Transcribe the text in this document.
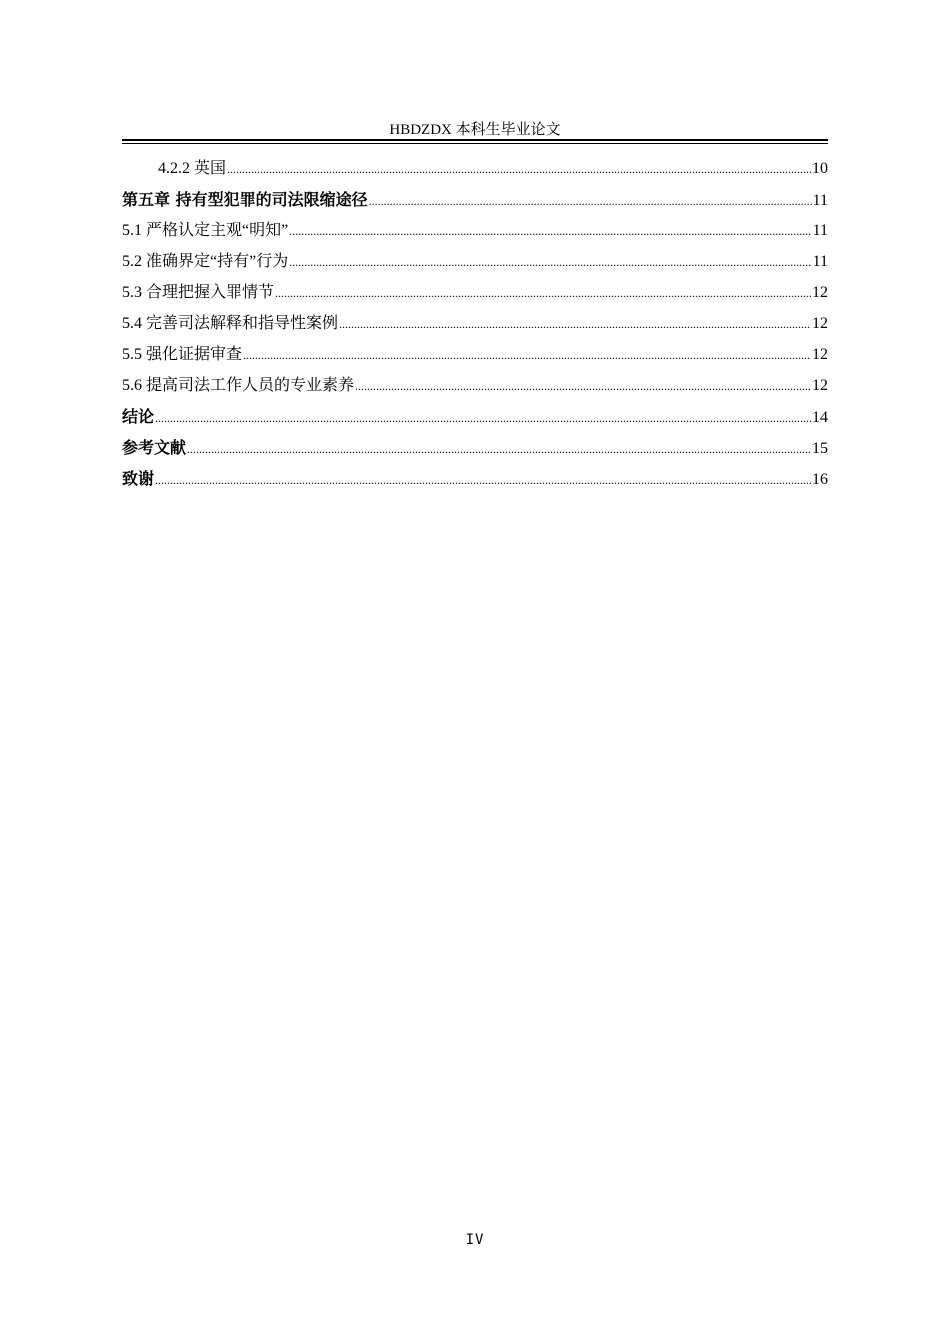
HBDZDX 本科生毕业论文
4.2.2 英国 .....	10
第五章 持有型犯罪的司法限缩途径 .....	11
5.1 严格认定主观“明知” .....	11
5.2 准确界定“持有”行为 .....	11
5.3 合理把握入罪情节 .....	12
5.4 完善司法解释和指导性案例 .....	12
5.5 强化证据审查 .....	12
5.6 提高司法工作人员的专业素养 .....	12
结论 .....	14
参考文献 .....	15
致谢 .....	16
IV
